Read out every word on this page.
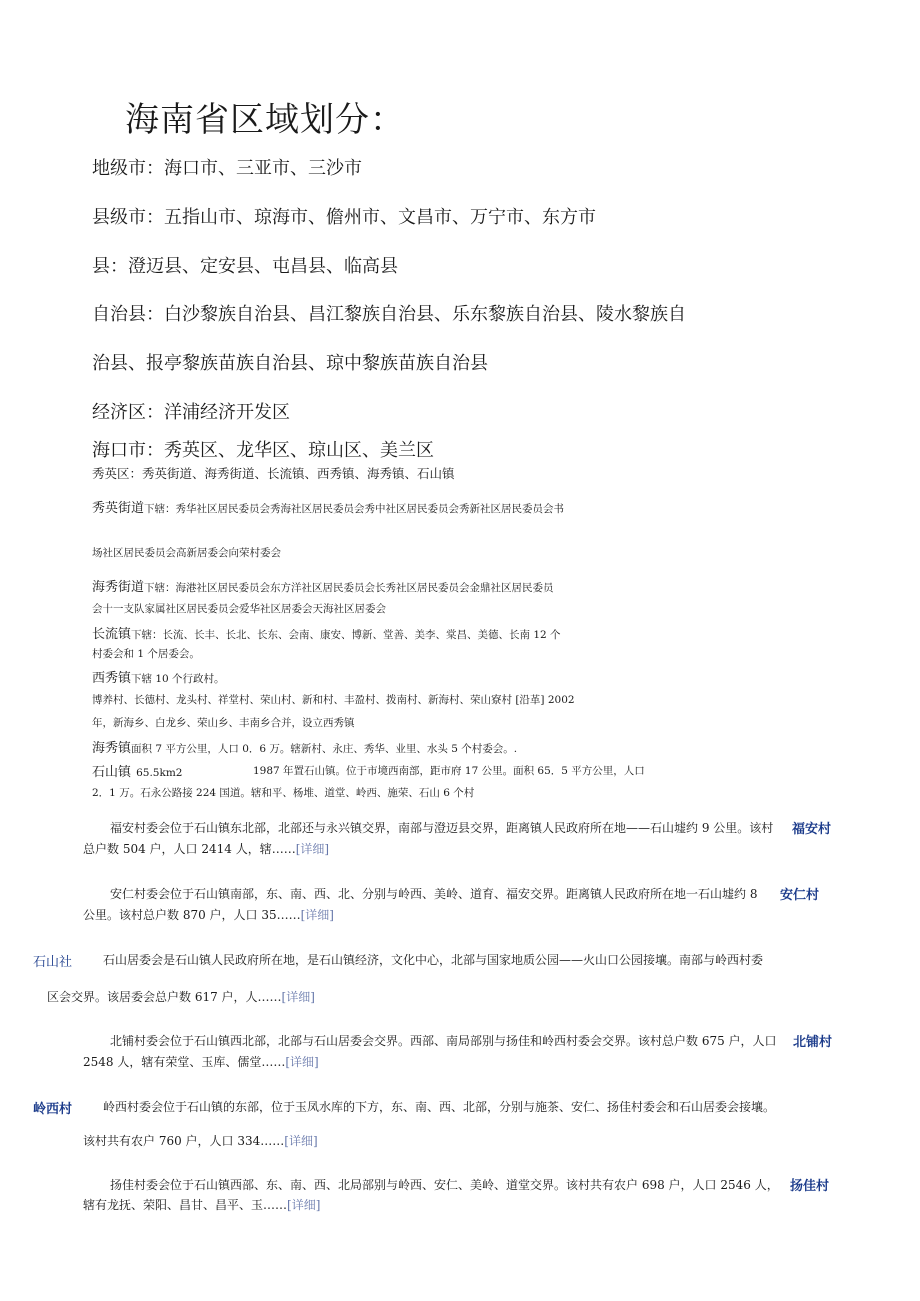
海南省区域划分：
地级市：海口市、三亚市、三沙市
县级市：五指山市、琼海市、儋州市、文昌市、万宁市、东方市
县：澄迈县、定安县、屯昌县、临高县
自治县：白沙黎族自治县、昌江黎族自治县、乐东黎族自治县、陵水黎族自
治县、报亭黎族苗族自治县、琼中黎族苗族自治县
经济区：洋浦经济开发区
海口市：秀英区、龙华区、琼山区、美兰区
秀英区：秀英街道、海秀街道、长流镇、西秀镇、海秀镇、石山镇
秀英街道下辖：秀华社区居民委员会秀海社区居民委员会秀中社区居民委员会秀新社区居民委员会书
场社区居民委员会高新居委会向荣村委会
海秀街道下辖：海港社区居民委员会东方洋社区居民委员会长秀社区居民委员会金鼎社区居民委员
会十一支队家属社区居民委员会爱华社区居委会天海社区居委会
长流镇下辖：长流、长丰、长北、长东、会南、康安、博新、堂善、美李、棠昌、美德、长南 12 个
村委会和 1 个居委会。
西秀镇下辖 10 个行政村。
博养村、长德村、龙头村、祥堂村、荣山村、新和村、丰盈村、拨南村、新海村、荣山寮村 [沿革] 2002
年，新海乡、白龙乡、荣山乡、丰南乡合并，设立西秀镇
海秀镇面积 7 平方公里，人口 0．6 万。辖新村、永庄、秀华、业里、水头 5 个村委会。.
石山镇 65.5km2	1987 年置石山镇。位于市境西南部，距市府 17 公里。面积 65．5 平方公里，人口
2．1 万。石永公路接 224 国道。辖和平、杨堆、道堂、岭西、施荣、石山 6 个村
福安村委会位于石山镇东北部，北部还与永兴镇交界，南部与澄迈县交界，距离镇人民政府所在地——石山墟约 9 公里。该村 福安村
总户数 504 户，人口 2414 人，辖……[详细]
安仁村委会位于石山镇南部，东、南、西、北、分别与岭西、美岭、道育、福安交界。距离镇人民政府所在地一石山墟约 8 安仁村
公里。该村总户数 870 户，人口 35……[详细]
石山社	石山居委会是石山镇人民政府所在地，是石山镇经济，文化中心，北部与国家地质公园——火山口公园接壤。南部与岭西村委
区会交界。该居委会总户数 617 户，人……[详细]
北铺村委会位于石山镇西北部，北部与石山居委会交界。西部、南局部别与扬佳和岭西村委会交界。该村总户数 675 户，人口 北铺村
2548 人，辖有荣堂、玉库、儒堂……[详细]
岭西村	岭西村委会位于石山镇的东部，位于玉凤水库的下方，东、南、西、北部，分别与施茶、安仁、扬佳村委会和石山居委会接壤。
该村共有农户 760 户，人口 334……[详细]
扬佳村委会位于石山镇西部、东、南、西、北局部别与岭西、安仁、美岭、道堂交界。该村共有农户 698 户，人口 2546 人， 扬佳村
辖有龙抚、荣阳、昌甘、昌平、玉……[详细]
